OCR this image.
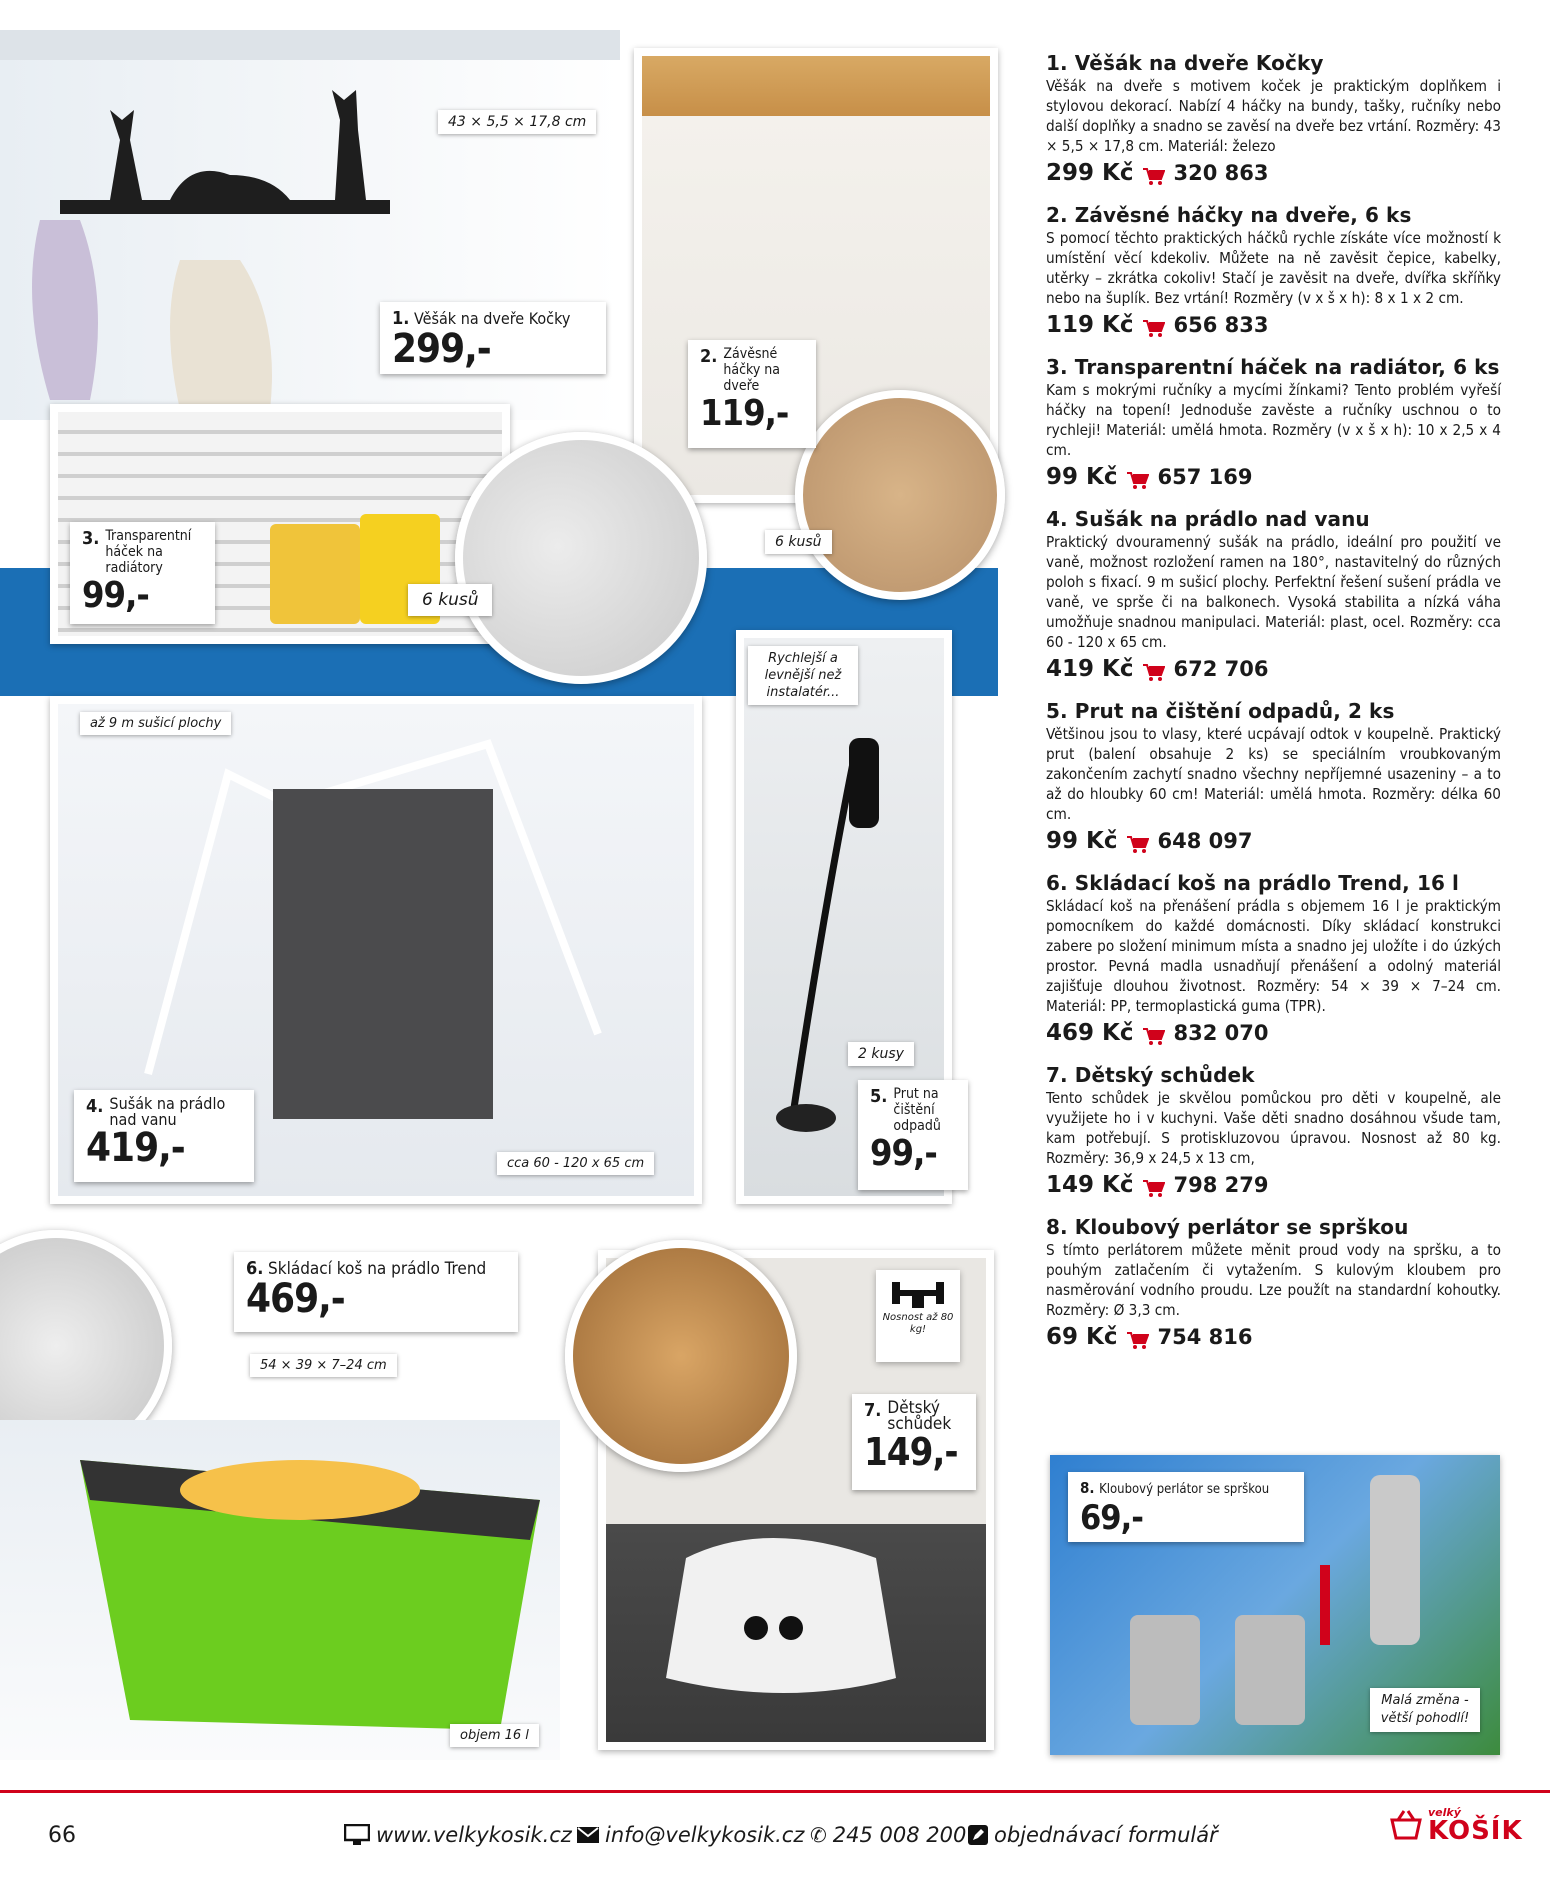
Nosnost až 80 kg!
1. Věšák na dveře Kočky
299,-	2. Závěsné háčky na dveře
119,-
3. Transparentní háček na radiátory
99,-
4. Sušák na prádlo nad vanu
419,-
5. Prut na čištění odpadů
99,-
6. Skládací koš na prádlo Trend
469,-
7. Dětský schůdek
149,-
8. Kloubový perlátor se sprškou
69,-
43 × 5,5 × 17,8 cm
6 kusů
6 kusů
až 9 m sušicí plochy
cca 60 - 120 x 65 cm
Rychlejší a levnější než instalatér...
2 kusy
54 × 39 × 7–24 cm
objem 16 l
Malá změna - větší pohodlí!
1. Věšák na dveře Kočky

Věšák na dveře s motivem koček je praktickým doplňkem i stylovou dekorací. Nabízí 4 háčky na bundy, tašky, ručníky nebo další doplňky a snadno se zavěsí na dveře bez vrtání. Rozměry: 43 × 5,5 × 17,8 cm. Materiál: železo

299 Kč 320 863
2. Závěsné háčky na dveře, 6 ks

S pomocí těchto praktických háčků rychle získáte více možností k umístění věcí kdekoliv. Můžete na ně zavěsit čepice, kabelky, utěrky – zkrátka cokoliv! Stačí je zavěsit na dveře, dvířka skříňky nebo na šuplík. Bez vrtání! Rozměry (v x š x h): 8 x 1 x 2 cm.

119 Kč 656 833
3. Transparentní háček na radiátor, 6 ks

Kam s mokrými ručníky a mycími žínkami? Tento problém vyřeší háčky na topení! Jednoduše zavěste a ručníky uschnou o to rychleji! Materiál: umělá hmota. Rozměry (v x š x h): 10 x 2,5 x 4 cm.

99 Kč 657 169
4. Sušák na prádlo nad vanu

Praktický dvouramenný sušák na prádlo, ideální pro použití ve vaně, možnost rozložení ramen na 180°, nastavitelný do různých poloh s fixací. 9 m sušicí plochy. Perfektní řešení sušení prádla ve vaně, ve sprše či na balkonech. Vysoká stabilita a nízká váha umožňuje snadnou manipulaci. Materiál: plast, ocel. Rozměry: cca 60 - 120 x 65 cm.

419 Kč 672 706
5. Prut na čištění odpadů, 2 ks

Většinou jsou to vlasy, které ucpávají odtok v koupelně. Praktický prut (balení obsahuje 2 ks) se speciálním vroubkovaným zakončením zachytí snadno všechny nepříjemné usazeniny – a to až do hloubky 60 cm! Materiál: umělá hmota. Rozměry: délka 60 cm.

99 Kč 648 097
6. Skládací koš na prádlo Trend, 16 l

Skládací koš na přenášení prádla s objemem 16 l je praktickým pomocníkem do každé domácnosti. Díky skládací konstrukci zabere po složení minimum místa a snadno jej uložíte i do úzkých prostor. Pevná madla usnadňují přenášení a odolný materiál zajišťuje dlouhou životnost. Rozměry: 54 × 39 × 7–24 cm. Materiál: PP, termoplastická guma (TPR).

469 Kč 832 070
7. Dětský schůdek

Tento schůdek je skvělou pomůckou pro děti v koupelně, ale využijete ho i v kuchyni. Vaše děti snadno dosáhnou všude tam, kam potřebují. S protiskluzovou úpravou. Nosnost až 80 kg. Rozměry: 36,9 x 24,5 x 13 cm,

149 Kč 798 279
8. Kloubový perlátor se sprškou

S tímto perlátorem můžete měnit proud vody na spršku, a to pouhým zatlačením či vytažením. S kulovým kloubem pro nasměrování vodního proudu. Lze použít na standardní kohoutky. Rozměry: Ø 3,3 cm.

69 Kč 754 816
66	www.velkykosik.cz info@velkykosik.cz ✆ 245 008 200 objednávací formulář
velký
KOŠÍK
